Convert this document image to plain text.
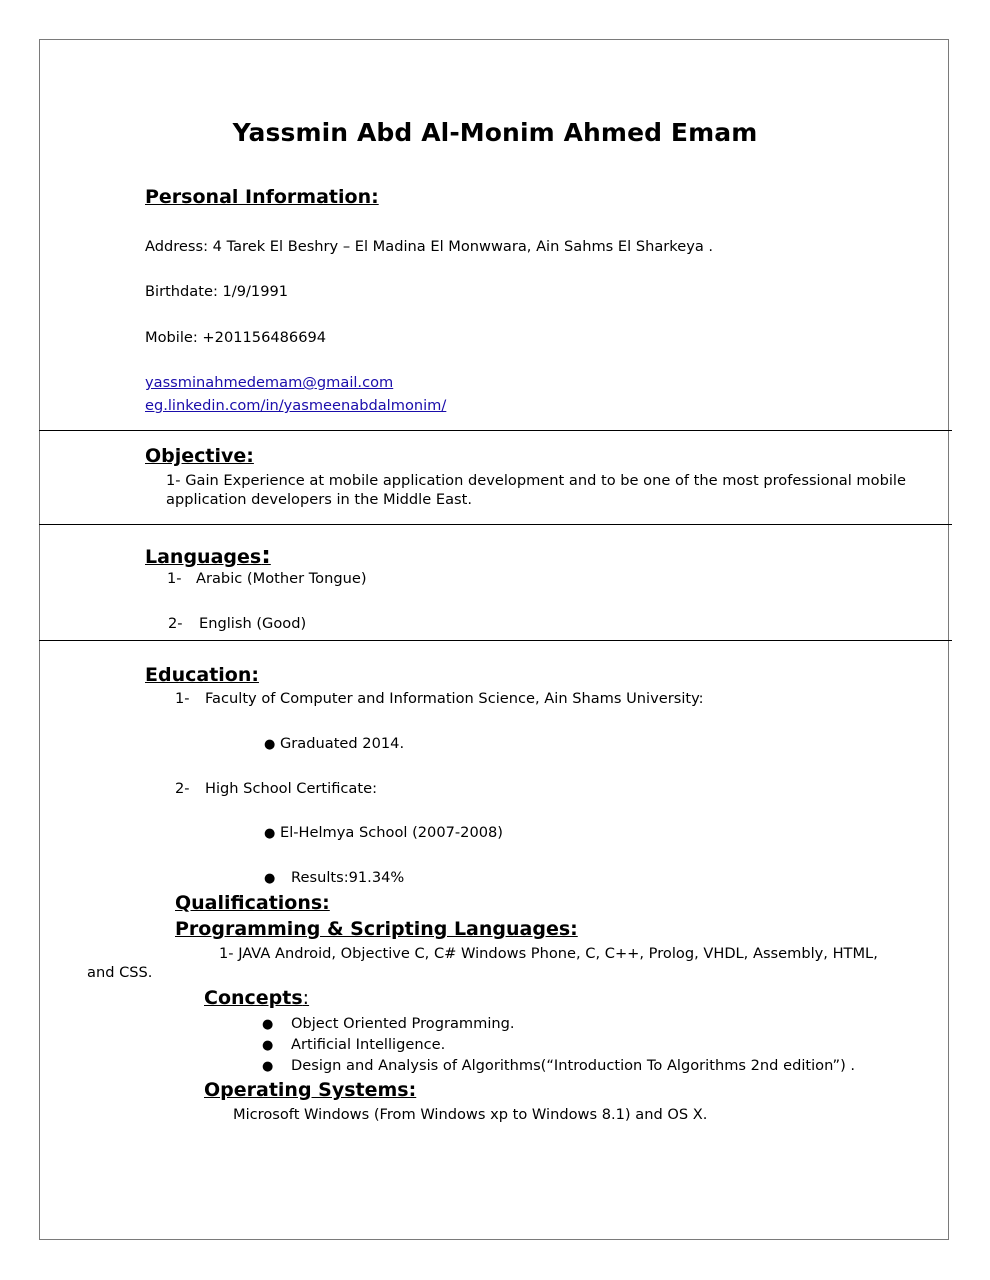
Yassmin Abd Al-Monim Ahmed Emam
Personal Information:
Address: 4 Tarek El Beshry – El Madina El Monwwara, Ain Sahms El Sharkeya .
Birthdate: 1/9/1991
Mobile: +201156486694
yassminahmedemam@gmail.com
eg.linkedin.com/in/yasmeenabdalmonim/
Objective:
1- Gain Experience at mobile application development and to be one of the most professional mobile
application developers in the Middle East.
Languages:
1- Arabic (Mother Tongue)
2- English (Good)
Education:
1- Faculty of Computer and Information Science, Ain Shams University:
● Graduated 2014.
2- High School Certificate:
● El-Helmya School (2007-2008)
● Results:91.34%
Qualifications:
Programming & Scripting Languages:
1- JAVA Android, Objective C, C# Windows Phone, C, C++, Prolog, VHDL, Assembly, HTML,
and CSS.
Concepts:
● Object Oriented Programming.
● Artificial Intelligence.
● Design and Analysis of Algorithms(“Introduction To Algorithms 2nd edition”) .
Operating Systems:
Microsoft Windows (From Windows xp to Windows 8.1) and OS X.
